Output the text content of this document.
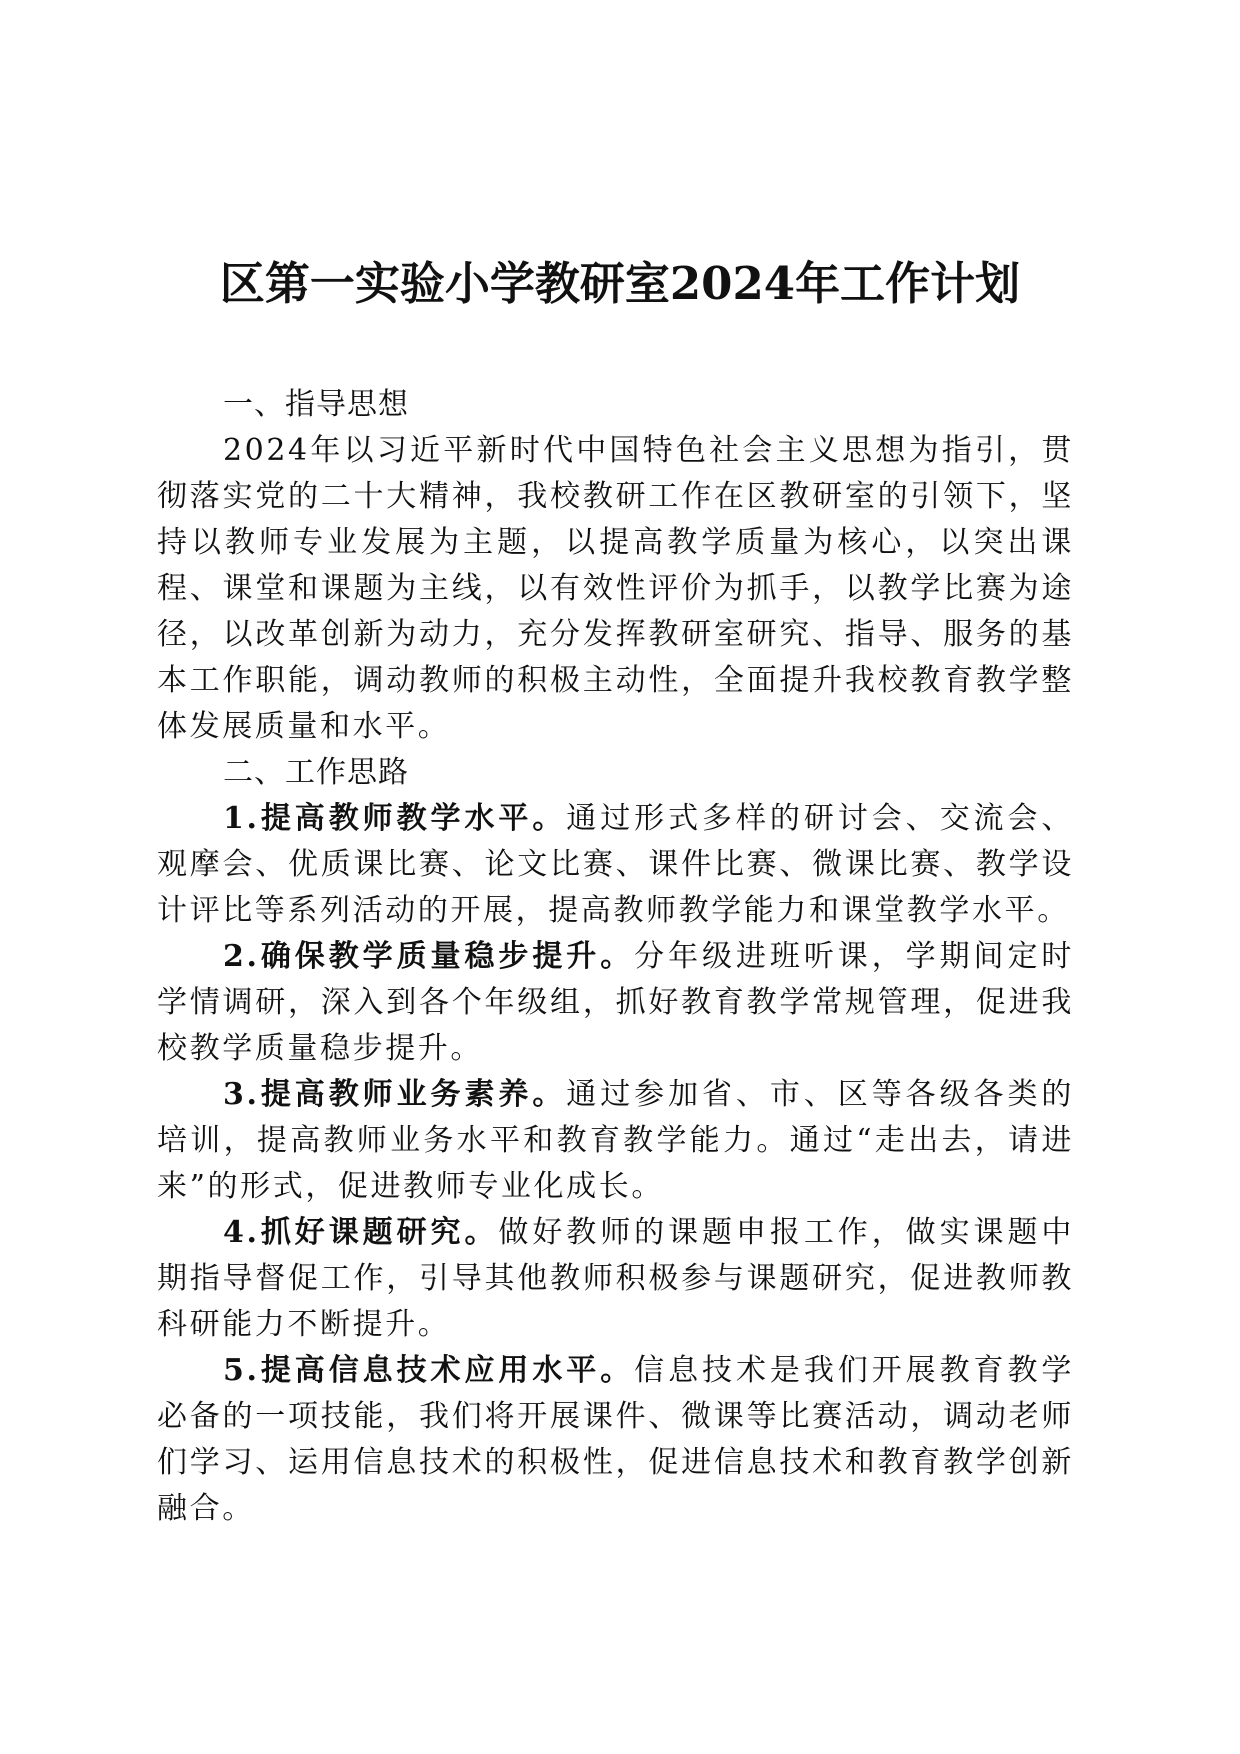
区第一实验小学教研室2024年工作计划

一、指导思想

2024年以习近平新时代中国特色社会主义思想为指引，贯彻落实党的二十大精神，我校教研工作在区教研室的引领下，坚持以教师专业发展为主题，以提高教学质量为核心，以突出课程、课堂和课题为主线，以有效性评价为抓手，以教学比赛为途径，以改革创新为动力，充分发挥教研室研究、指导、服务的基本工作职能，调动教师的积极主动性，全面提升我校教育教学整体发展质量和水平。

二、工作思路

1.提高教师教学水平。通过形式多样的研讨会、交流会、观摩会、优质课比赛、论文比赛、课件比赛、微课比赛、教学设计评比等系列活动的开展，提高教师教学能力和课堂教学水平。

2.确保教学质量稳步提升。分年级进班听课，学期间定时学情调研，深入到各个年级组，抓好教育教学常规管理，促进我校教学质量稳步提升。

3.提高教师业务素养。通过参加省、市、区等各级各类的培训，提高教师业务水平和教育教学能力。通过“走出去，请进来”的形式，促进教师专业化成长。

4.抓好课题研究。做好教师的课题申报工作，做实课题中期指导督促工作，引导其他教师积极参与课题研究，促进教师教科研能力不断提升。

5.提高信息技术应用水平。信息技术是我们开展教育教学必备的一项技能，我们将开展课件、微课等比赛活动，调动老师们学习、运用信息技术的积极性，促进信息技术和教育教学创新融合。
